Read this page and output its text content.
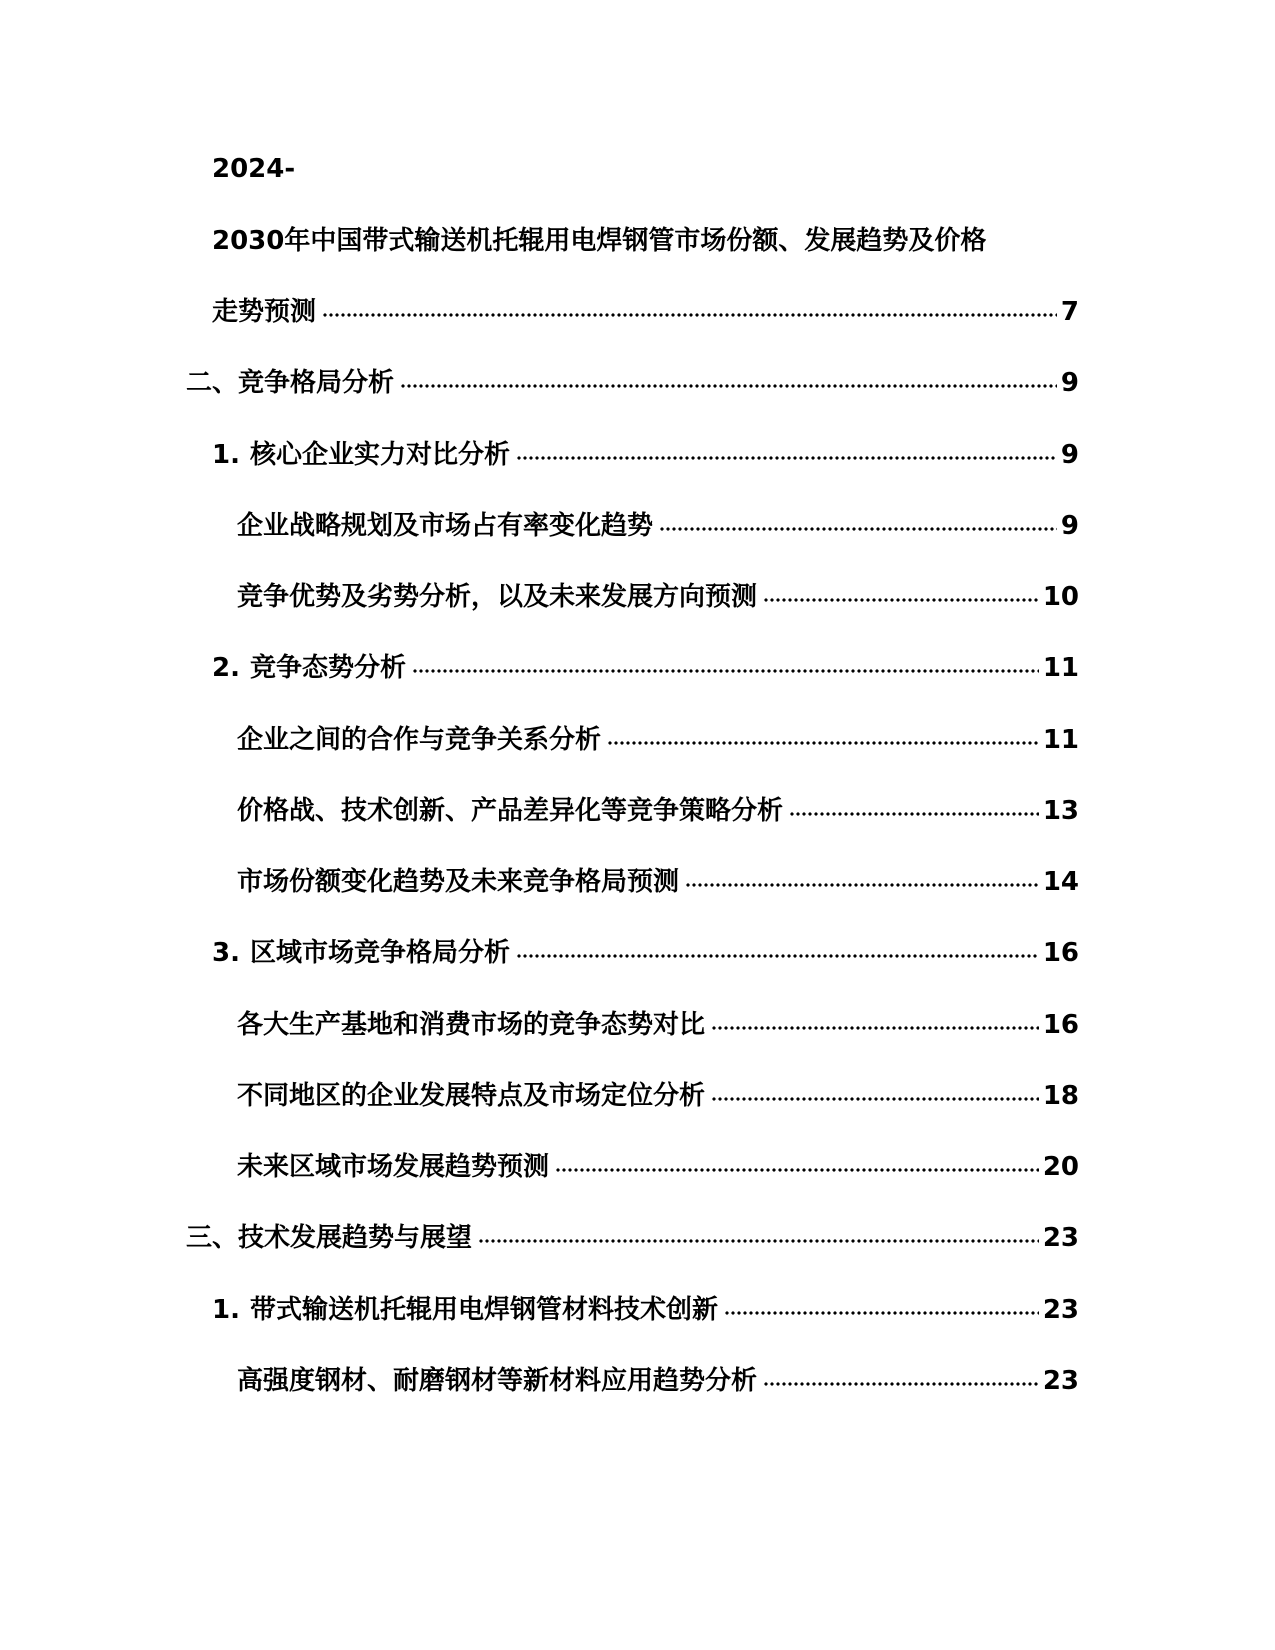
2024-
2030年中国带式输送机托辊用电焊钢管市场份额、发展趋势及价格
走势预测	7
二、竞争格局分析	9
1. 核心企业实力对比分析	9
企业战略规划及市场占有率变化趋势	9
竞争优势及劣势分析，以及未来发展方向预测	10
2. 竞争态势分析	11
企业之间的合作与竞争关系分析	11
价格战、技术创新、产品差异化等竞争策略分析	13
市场份额变化趋势及未来竞争格局预测	14
3. 区域市场竞争格局分析	16
各大生产基地和消费市场的竞争态势对比	16
不同地区的企业发展特点及市场定位分析	18
未来区域市场发展趋势预测	20
三、技术发展趋势与展望	23
1. 带式输送机托辊用电焊钢管材料技术创新	23
高强度钢材、耐磨钢材等新材料应用趋势分析	23
